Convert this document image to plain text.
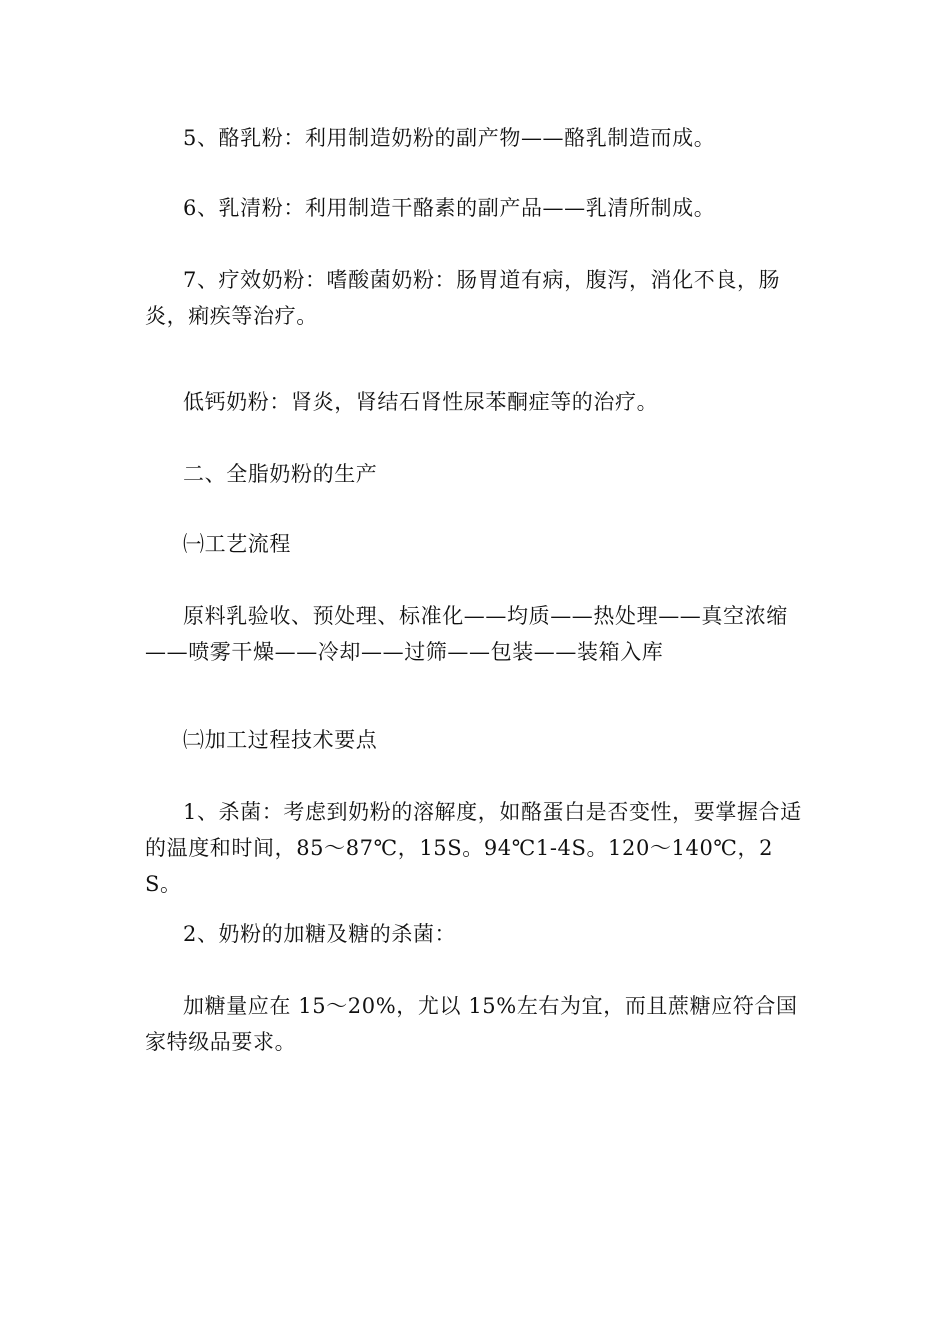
5、酪乳粉：利用制造奶粉的副产物——酪乳制造而成。

6、乳清粉：利用制造干酪素的副产品——乳清所制成。

7、疗效奶粉：嗜酸菌奶粉：肠胃道有病，腹泻，消化不良，肠炎，痢疾等治疗。

低钙奶粉：肾炎，肾结石肾性尿苯酮症等的治疗。

二、全脂奶粉的生产

㈠工艺流程

原料乳验收、预处理、标准化——均质——热处理——真空浓缩——喷雾干燥——冷却——过筛——包装——装箱入库

㈡加工过程技术要点

1、杀菌：考虑到奶粉的溶解度，如酪蛋白是否变性，要掌握合适的温度和时间，85～87℃，15S。94℃1-4S。120～140℃，2S。

2、奶粉的加糖及糖的杀菌：

加糖量应在 15～20%，尤以 15%左右为宜，而且蔗糖应符合国家特级品要求。
